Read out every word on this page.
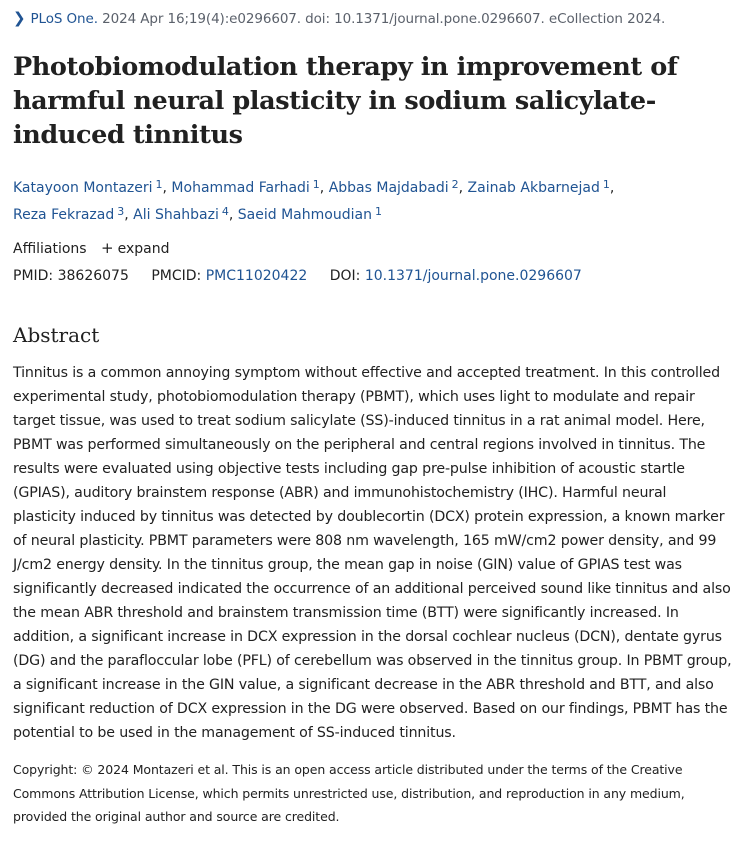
❯ PLoS One. 2024 Apr 16;19(4):e0296607. doi: 10.1371/journal.pone.0296607. eCollection 2024.
Photobiomodulation therapy in improvement of harmful neural plasticity in sodium salicylate-induced tinnitus
Katayoon Montazeri $^1$, Mohammad Farhadi $^1$, Abbas Majdabadi $^2$, Zainab Akbarnejad $^1$,
Reza Fekrazad $^3$, Ali Shahbazi $^4$, Saeid Mahmoudian $^1$
Affiliations + expand
PMID: 38626075 PMCID: PMC11020422 DOI: 10.1371/journal.pone.0296607
Abstract
Tinnitus is a common annoying symptom without effective and accepted treatment. In this controlled experimental study, photobiomodulation therapy (PBMT), which uses light to modulate and repair target tissue, was used to treat sodium salicylate (SS)-induced tinnitus in a rat animal model. Here, PBMT was performed simultaneously on the peripheral and central regions involved in tinnitus. The results were evaluated using objective tests including gap pre-pulse inhibition of acoustic startle (GPIAS), auditory brainstem response (ABR) and immunohistochemistry (IHC). Harmful neural plasticity induced by tinnitus was detected by doublecortin (DCX) protein expression, a known marker of neural plasticity. PBMT parameters were 808 nm wavelength, 165 mW/cm2 power density, and 99 J/cm2 energy density. In the tinnitus group, the mean gap in noise (GIN) value of GPIAS test was significantly decreased indicated the occurrence of an additional perceived sound like tinnitus and also the mean ABR threshold and brainstem transmission time (BTT) were significantly increased. In addition, a significant increase in DCX expression in the dorsal cochlear nucleus (DCN), dentate gyrus (DG) and the parafloccular lobe (PFL) of cerebellum was observed in the tinnitus group. In PBMT group, a significant increase in the GIN value, a significant decrease in the ABR threshold and BTT, and also significant reduction of DCX expression in the DG were observed. Based on our findings, PBMT has the potential to be used in the management of SS-induced tinnitus.
Copyright: © 2024 Montazeri et al. This is an open access article distributed under the terms of the Creative Commons Attribution License, which permits unrestricted use, distribution, and reproduction in any medium, provided the original author and source are credited.
